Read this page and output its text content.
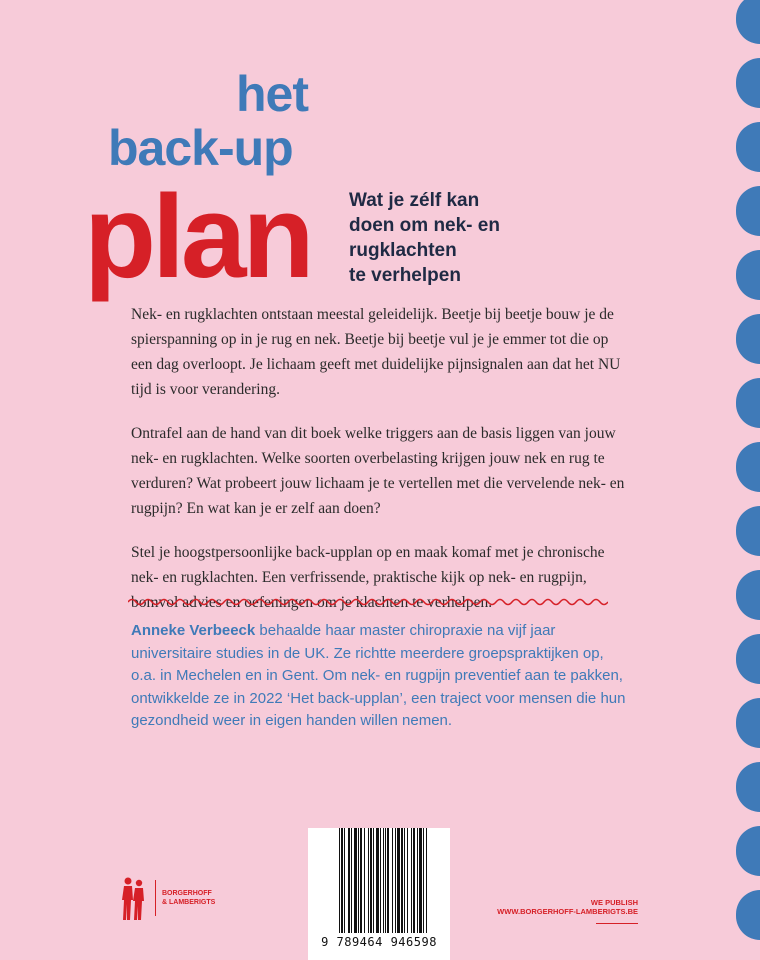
het
back-up
plan Wat je zélf kan
doen om nek- en
rugklachten
te verhelpen

Nek- en rugklachten ontstaan meestal geleidelijk. Beetje bij beetje bouw je de spierspanning op in je rug en nek. Beetje bij beetje vul je je emmer tot die op een dag overloopt. Je lichaam geeft met duidelijke pijnsignalen aan dat het NU tijd is voor verandering.

Ontrafel aan de hand van dit boek welke triggers aan de basis liggen van jouw nek- en rugklachten. Welke soorten overbelasting krijgen jouw nek en rug te verduren? Wat probeert jouw lichaam je te vertellen met die vervelende nek- en rugpijn? En wat kan je er zelf aan doen?

Stel je hoogstpersoonlijke back-upplan op en maak komaf met je chronische nek- en rugklachten. Een verfrissende, praktische kijk op nek- en rugpijn, bomvol advies en oefeningen om je klachten te verhelpen.

Anneke Verbeeck behaalde haar master chiropraxie na vijf jaar universitaire studies in de UK. Ze richtte meerdere groepspraktijken op, o.a. in Mechelen en in Gent. Om nek- en rugpijn preventief aan te pakken, ontwikkelde ze in 2022 ‘Het back-upplan’, een traject voor mensen die hun gezondheid weer in eigen handen willen nemen.
BORGERHOFF
& LAMBERIGTS
9 789464 946598
WE PUBLISH
WWW.BORGERHOFF-LAMBERIGTS.BE
